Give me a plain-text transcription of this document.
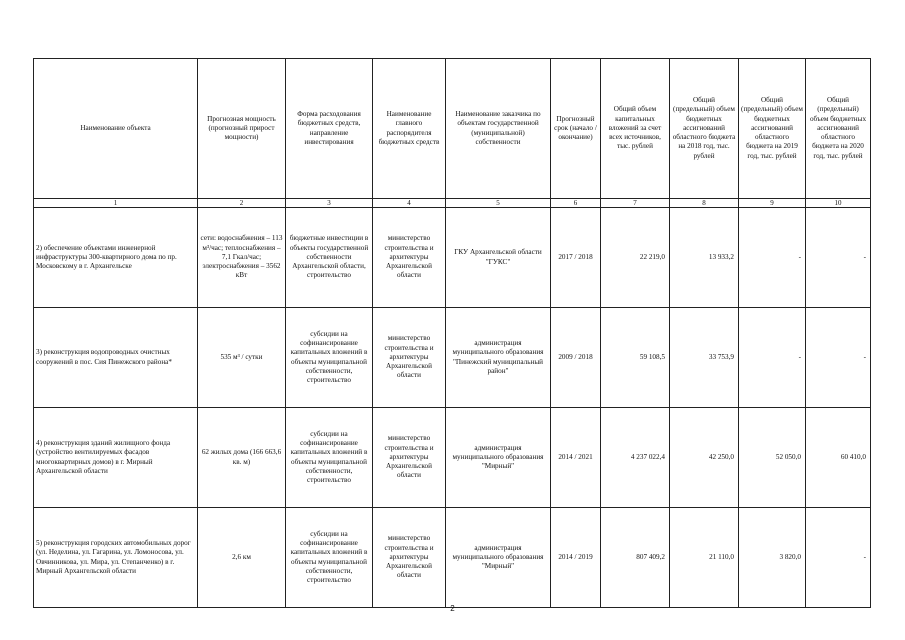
Наименование объекта	Прогнозная мощность (прогнозный прирост мощности)	Форма расходования бюджетных средств, направление инвестирования	Наименование главного распорядителя бюджетных средств	Наименование заказчика по объектам государственной (муниципальной) собственности	Прогнозный срок (начало / окончание)	Общий объем капитальных вложений за счет всех источников, тыс. рублей	Общий (предельный) объем бюджетных ассигнований областного бюджета на 2018 год, тыс. рублей	Общий (предельный) объем бюджетных ассигнований областного бюджета на 2019 год, тыс. рублей	Общий (предельный) объем бюджетных ассигнований областного бюджета на 2020 год, тыс. рублей
1	2	3	4	5	6	7	8	9	10
2) обеспечение объектами инженерной инфраструктуры 300-квартирного дома по пр. Московскому в г. Архангельске	сети: водоснабжения – 113 м³/час; теплоснабжения – 7,1 Гкал/час; электроснабжения – 3562 кВт	бюджетные инвестиции в объекты государственной собственности Архангельской области, строительство	министерство строительства и архитектуры Архангельской области	ГКУ Архангельской области "ГУКС"	2017 / 2018	22 219,0	13 933,2	-	-
3) реконструкция водопроводных очистных сооружений в пос. Сия Пинежского района*	535 м³ / сутки	субсидии на софинансирование капитальных вложений в объекты муниципальной собственности, строительство	министерство строительства и архитектуры Архангельской области	администрация муниципального образования "Пинежский муниципальный район"	2009 / 2018	59 108,5	33 753,9	-	-
4) реконструкция зданий жилищного фонда (устройство вентилируемых фасадов многоквартирных домов) в г. Мирный Архангельской области	62 жилых дома (166 663,6 кв. м)	субсидии на софинансирование капитальных вложений в объекты муниципальной собственности, строительство	министерство строительства и архитектуры Архангельской области	администрация муниципального образования "Мирный"	2014 / 2021	4 237 022,4	42 250,0	52 050,0	60 410,0
5) реконструкция городских автомобильных дорог (ул. Неделина, ул. Гагарина, ул. Ломоносова, ул. Овчинникова, ул. Мира, ул. Степанченко) в г. Мирный Архангельской области	2,6 км	субсидии на софинансирование капитальных вложений в объекты муниципальной собственности, строительство	министерство строительства и архитектуры Архангельской области	администрация муниципального образования "Мирный"	2014 / 2019	807 409,2	21 110,0	3 820,0	-
2
